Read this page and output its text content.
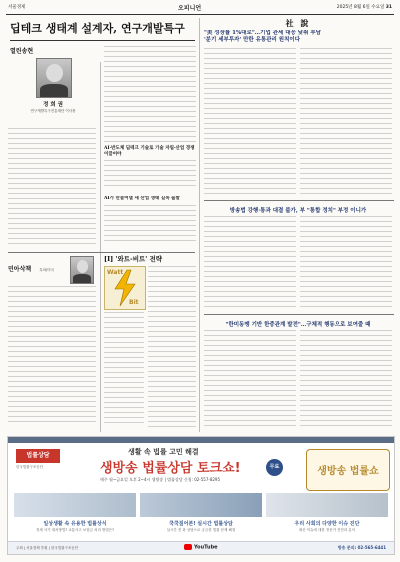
서울경제	오피니언	2025년 8월 6일 수요일 31
딥테크 생태계 설계자, 연구개발특구
열린송현
정 희 권
연구개발특구진흥재단 이사장
AI·반도체 딥테크 기술로 기술 자립·산업 경쟁 이끌어야
AI가 만들어낼 새 산업 생태 길목 출발
민아삭책 특파/미국
[I] '와트-비트' 전략
Watt
Bit
社 說
"美 성장률 1%대로"…기업 관세 대응 낮춰 부담
'분기 세부투자' 만한 유통관리 원칙이다
방송법 강행·통과 대결 불가, 부 "통합 정치" 부정 이니가
"한미동맹 기반 한중관계 발전"…구체적 행동으로 보여줄 때
법률상담
한국법률구조공단
생활 속 법률 고민 해결
생방송 법률상담 토크쇼!	무료
매주 월~금요일 오후 2~4시 생방송 | 법률상담 신청: 02-557-8295
생방송 법률쇼
일상생활 속 유용한 법률상식
전세 사기 대처방법? 교통사고 보험금 처리 방법은?
쿡쿡짚어본! 실시간 법률상담
실시간 전 화 상담으로 궁금한 법률 문제 해결
우리 사회의 다양한 이슈 진단
최신 이슈에 대한 전문가 진단과 분석
주최 | 서울경제 후원 | 한국법률구조공단	YouTube	방송 문의: 02-565-6441
